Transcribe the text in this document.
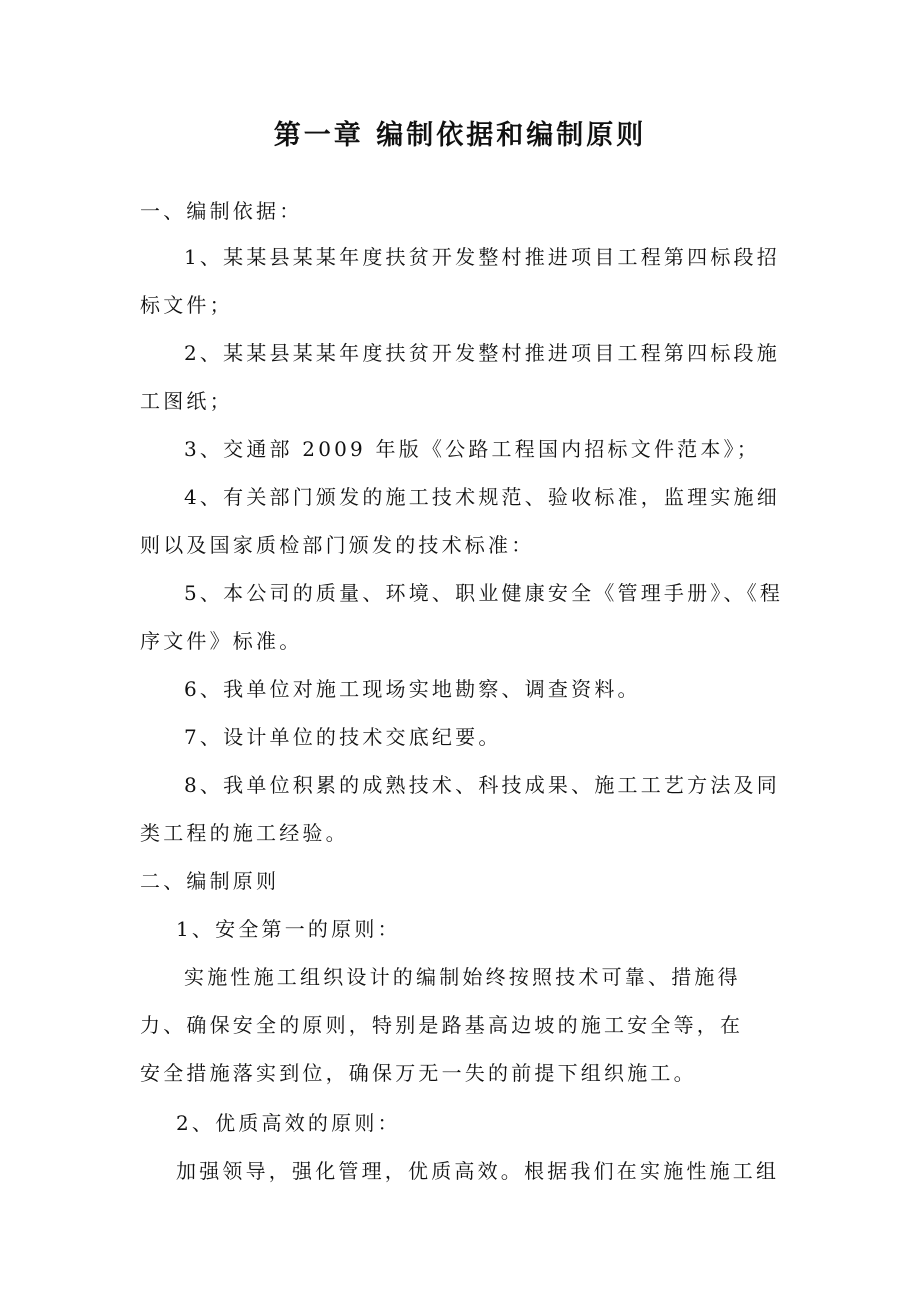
第一章 编制依据和编制原则
一、编制依据：
1、某某县某某年度扶贫开发整村推进项目工程第四标段招
标文件；
2、某某县某某年度扶贫开发整村推进项目工程第四标段施
工图纸；
3、交通部 2009 年版《公路工程国内招标文件范本》；
4、有关部门颁发的施工技术规范、验收标准，监理实施细
则以及国家质检部门颁发的技术标准：
5、本公司的质量、环境、职业健康安全《管理手册》、《程
序文件》标准。
6、我单位对施工现场实地勘察、调查资料。
7、设计单位的技术交底纪要。
8、我单位积累的成熟技术、科技成果、施工工艺方法及同
类工程的施工经验。
二、编制原则
1、安全第一的原则：
实施性施工组织设计的编制始终按照技术可靠、措施得
力、确保安全的原则，特别是路基高边坡的施工安全等，在
安全措施落实到位，确保万无一失的前提下组织施工。
2、优质高效的原则：
加强领导，强化管理，优质高效。根据我们在实施性施工组
